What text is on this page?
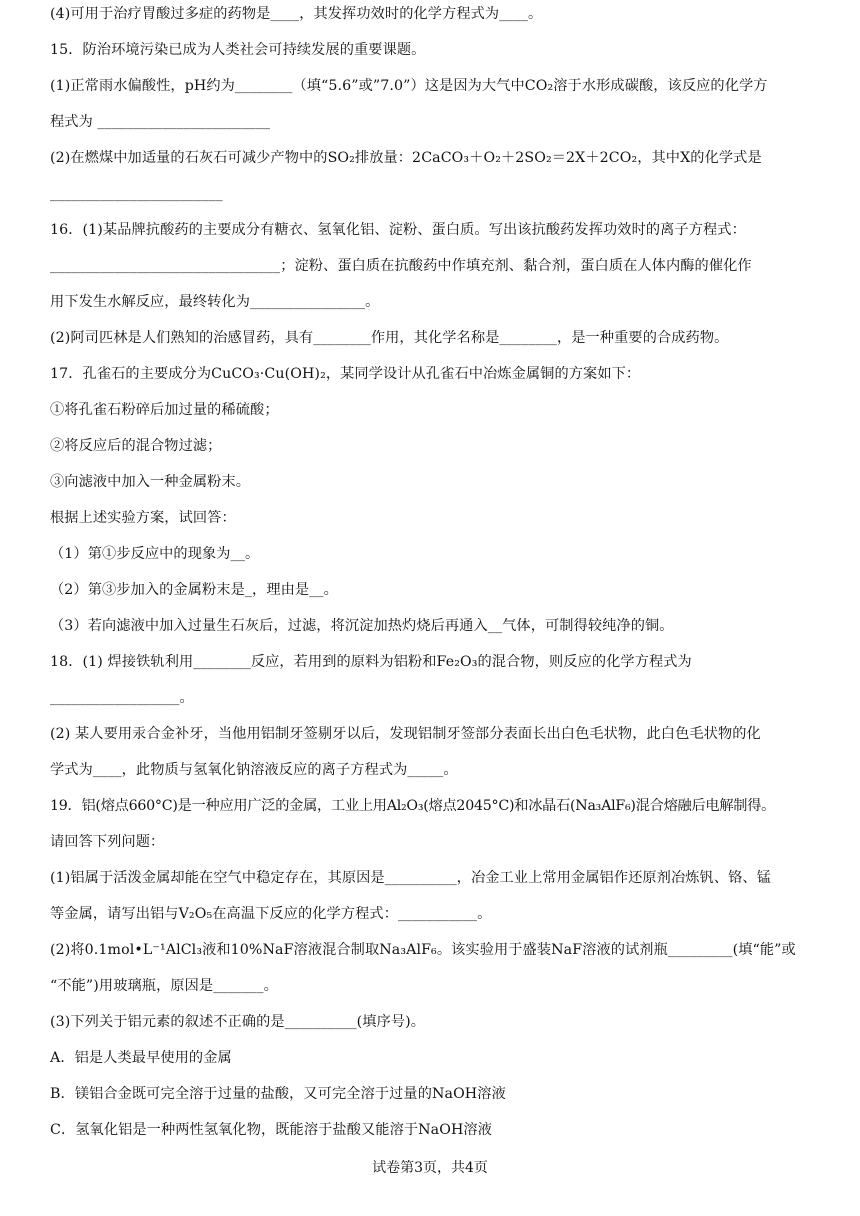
(4)可用于治疗胃酸过多症的药物是____，其发挥功效时的化学方程式为____。
15．防治环境污染已成为人类社会可持续发展的重要课题。
(1)正常雨水偏酸性，pH约为________（填“5.6”或”7.0”）这是因为大气中CO₂溶于水形成碳酸，该反应的化学方
程式为 ________________________
(2)在燃煤中加适量的石灰石可减少产物中的SO₂排放量：2CaCO₃＋O₂＋2SO₂＝2X＋2CO₂，其中X的化学式是
________________________
16．(1)某品牌抗酸药的主要成分有糖衣、氢氧化铝、淀粉、蛋白质。写出该抗酸药发挥功效时的离子方程式：
________________________________；淀粉、蛋白质在抗酸药中作填充剂、黏合剂，蛋白质在人体内酶的催化作
用下发生水解反应，最终转化为________________。
(2)阿司匹林是人们熟知的治感冒药，具有________作用，其化学名称是________，是一种重要的合成药物。
17．孔雀石的主要成分为CuCO₃·Cu(OH)₂，某同学设计从孔雀石中冶炼金属铜的方案如下：
①将孔雀石粉碎后加过量的稀硫酸；
②将反应后的混合物过滤；
③向滤液中加入一种金属粉末。
根据上述实验方案，试回答：
（1）第①步反应中的现象为__。
（2）第③步加入的金属粉末是_，理由是__。
（3）若向滤液中加入过量生石灰后，过滤，将沉淀加热灼烧后再通入__气体，可制得较纯净的铜。
18．(1) 焊接铁轨利用________反应，若用到的原料为铝粉和Fe₂O₃的混合物，则反应的化学方程式为
__________________。
(2) 某人要用汞合金补牙，当他用铝制牙签剔牙以后，发现铝制牙签部分表面长出白色毛状物，此白色毛状物的化
学式为____，此物质与氢氧化钠溶液反应的离子方程式为_____。
19．铝(熔点660°C)是一种应用广泛的金属，工业上用Al₂O₃(熔点2045°C)和冰晶石(Na₃AlF₆)混合熔融后电解制得。
请回答下列问题：
(1)铝属于活泼金属却能在空气中稳定存在，其原因是__________，冶金工业上常用金属铝作还原剂冶炼钒、铬、锰
等金属，请写出铝与V₂O₅在高温下反应的化学方程式：___________。
(2)将0.1mol•L⁻¹AlCl₃液和10%NaF溶液混合制取Na₃AlF₆。该实验用于盛装NaF溶液的试剂瓶_________(填“能”或
“不能”)用玻璃瓶，原因是_______。
(3)下列关于铝元素的叙述不正确的是__________(填序号)。
A．铝是人类最早使用的金属
B．镁铝合金既可完全溶于过量的盐酸，又可完全溶于过量的NaOH溶液
C．氢氧化铝是一种两性氢氧化物，既能溶于盐酸又能溶于NaOH溶液
试卷第3页，共4页
